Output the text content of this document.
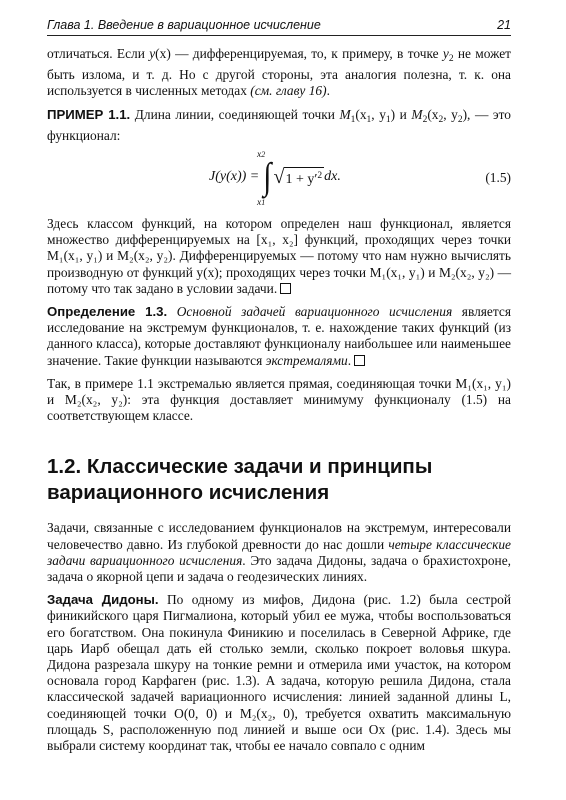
Глава 1. Введение в вариационное исчисление	21

отличаться. Если y(x) — дифференцируемая, то, к примеру, в точке $y_2$ не может быть излома, и т. д. Но с другой стороны, эта аналогия полезна, т. к. она используется в численных методах (см. главу 16).

ПРИМЕР 1.1. Длина линии, соединяющей точки $M_1(x_1$, $y_1$) и $M_2(x_2$, $y_2$), — это функционал:

x2
x1
J(y(x)) = ∫ √ $1 + y'^2$ dx.	(1.5)

Здесь классом функций, на котором определен наш функционал, является множество дифференцируемых на [x₁, x₂] функций, проходящих через точки M₁(x₁, y₁) и M₂(x₂, y₂). Дифференцируемых — потому что нам нужно вычислять производную от функций y(x); проходящих через точки M₁(x₁, y₁) и M₂(x₂, y₂) — потому что так задано в условии задачи.

Определение 1.3. Основной задачей вариационного исчисления является исследование на экстремум функционалов, т. е. нахождение таких функций (из данного класса), которые доставляют функционалу наибольшее или наименьшее значение. Такие функции называются экстремалями.

Так, в примере 1.1 экстремалью является прямая, соединяющая точки M₁(x₁, y₁) и M₂(x₂, y₂): эта функция доставляет минимуму функционалу (1.5) на соответствующем классе.

1.2. Классические задачи и принципы вариационного исчисления

Задачи, связанные с исследованием функционалов на экстремум, интересовали человечество давно. Из глубокой древности до нас дошли четыре классические задачи вариационного исчисления. Это задача Дидоны, задача о брахистохроне, задача о якорной цепи и задача о геодезических линиях.

Задача Дидоны. По одному из мифов, Дидона (рис. 1.2) была сестрой финикийского царя Пигмалиона, который убил ее мужа, чтобы воспользоваться его богатством. Она покинула Финикию и поселилась в Северной Африке, где царь Иарб обещал дать ей столько земли, сколько покроет воловья шкура. Дидона разрезала шкуру на тонкие ремни и отмерила ими участок, на котором основала город Карфаген (рис. 1.3). А задача, которую решила Дидона, стала классической задачей вариационного исчисления: линией заданной длины L, соединяющей точки O(0, 0) и M₂(x₂, 0), требуется охватить максимальную площадь S, расположенную под линией и выше оси Ox (рис. 1.4). Здесь мы выбрали систему координат так, чтобы ее начало совпало с одним
